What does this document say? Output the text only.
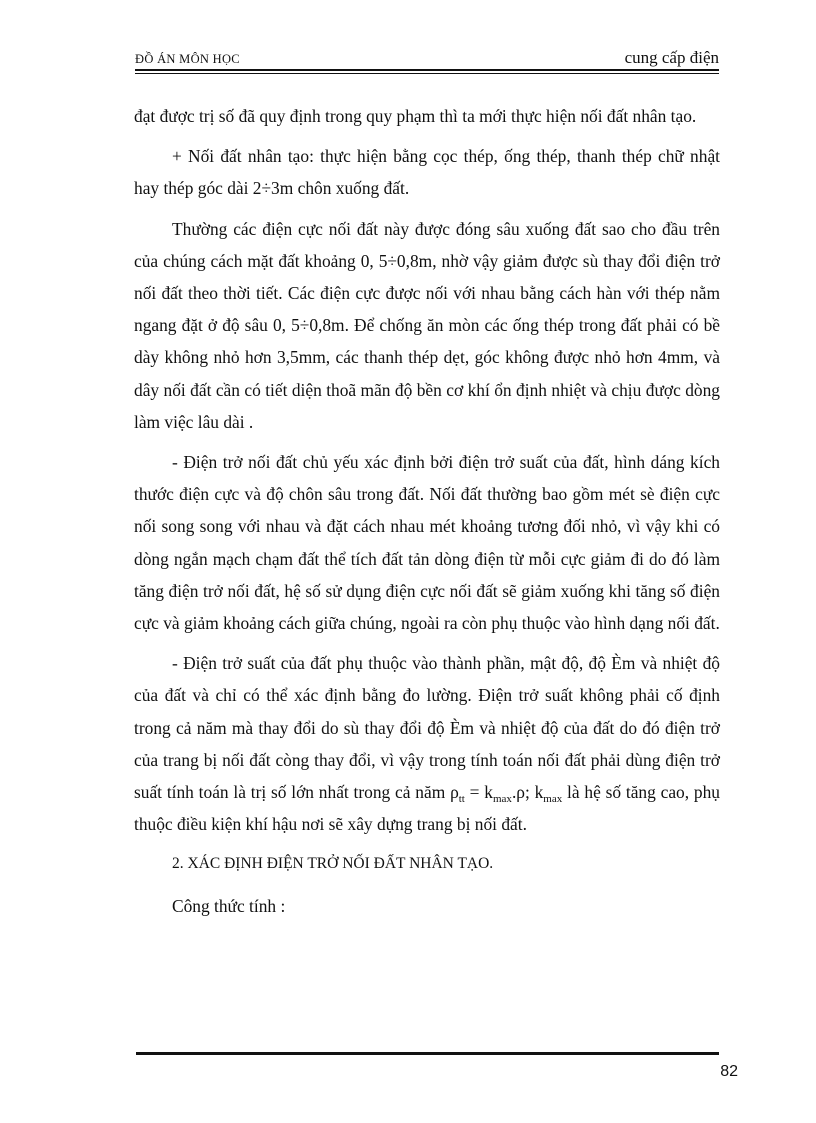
ĐỒ ÁN MÔN HỌC	cung cấp điện

đạt được trị số đã quy định trong quy phạm thì ta mới thực hiện nối đất nhân tạo.

+ Nối đất nhân tạo: thực hiện bằng cọc thép, ống thép, thanh thép chữ nhật hay thép góc dài 2÷3m chôn xuống đất.

Thường các điện cực nối đất này được đóng sâu xuống đất sao cho đầu trên của chúng cách mặt đất khoảng 0, 5÷0,8m, nhờ vậy giảm được sù thay đổi điện trở nối đất theo thời tiết. Các điện cực được nối với nhau bằng cách hàn với thép nằm ngang đặt ở độ sâu 0, 5÷0,8m. Để chống ăn mòn các ống thép trong đất phải có bề dày không nhỏ hơn 3,5mm, các thanh thép dẹt, góc không được nhỏ hơn 4mm, và dây nối đất cần có tiết diện thoã mãn độ bền cơ khí ổn định nhiệt và chịu được dòng làm việc lâu dài .

- Điện trở nối đất chủ yếu xác định bởi điện trở suất của đất, hình dáng kích thước điện cực và độ chôn sâu trong đất. Nối đất thường bao gồm mét sè điện cực nối song song với nhau và đặt cách nhau mét khoảng tương đối nhỏ, vì vậy khi có dòng ngắn mạch chạm đất thể tích đất tản dòng điện từ mỗi cực giảm đi do đó làm tăng điện trở nối đất, hệ số sử dụng điện cực nối đất sẽ giảm xuống khi tăng số điện cực và giảm khoảng cách giữa chúng, ngoài ra còn phụ thuộc vào hình dạng nối đất.

- Điện trở suất của đất phụ thuộc vào thành phần, mật độ, độ Èm và nhiệt độ của đất và chỉ có thể xác định bằng đo lường. Điện trở suất không phải cố định trong cả năm mà thay đổi do sù thay đổi độ Èm và nhiệt độ của đất do đó điện trở của trang bị nối đất còng thay đổi, vì vậy trong tính toán nối đất phải dùng điện trở suất tính toán là trị số lớn nhất trong cả năm $\rho_{tt} = k_{max}.\rho$; $k_{max}$ là hệ số tăng cao, phụ thuộc điều kiện khí hậu nơi sẽ xây dựng trang bị nối đất.

2. XÁC ĐỊNH ĐIỆN TRỞ NỐI ĐẤT NHÂN TẠO.

Công thức tính :

82
